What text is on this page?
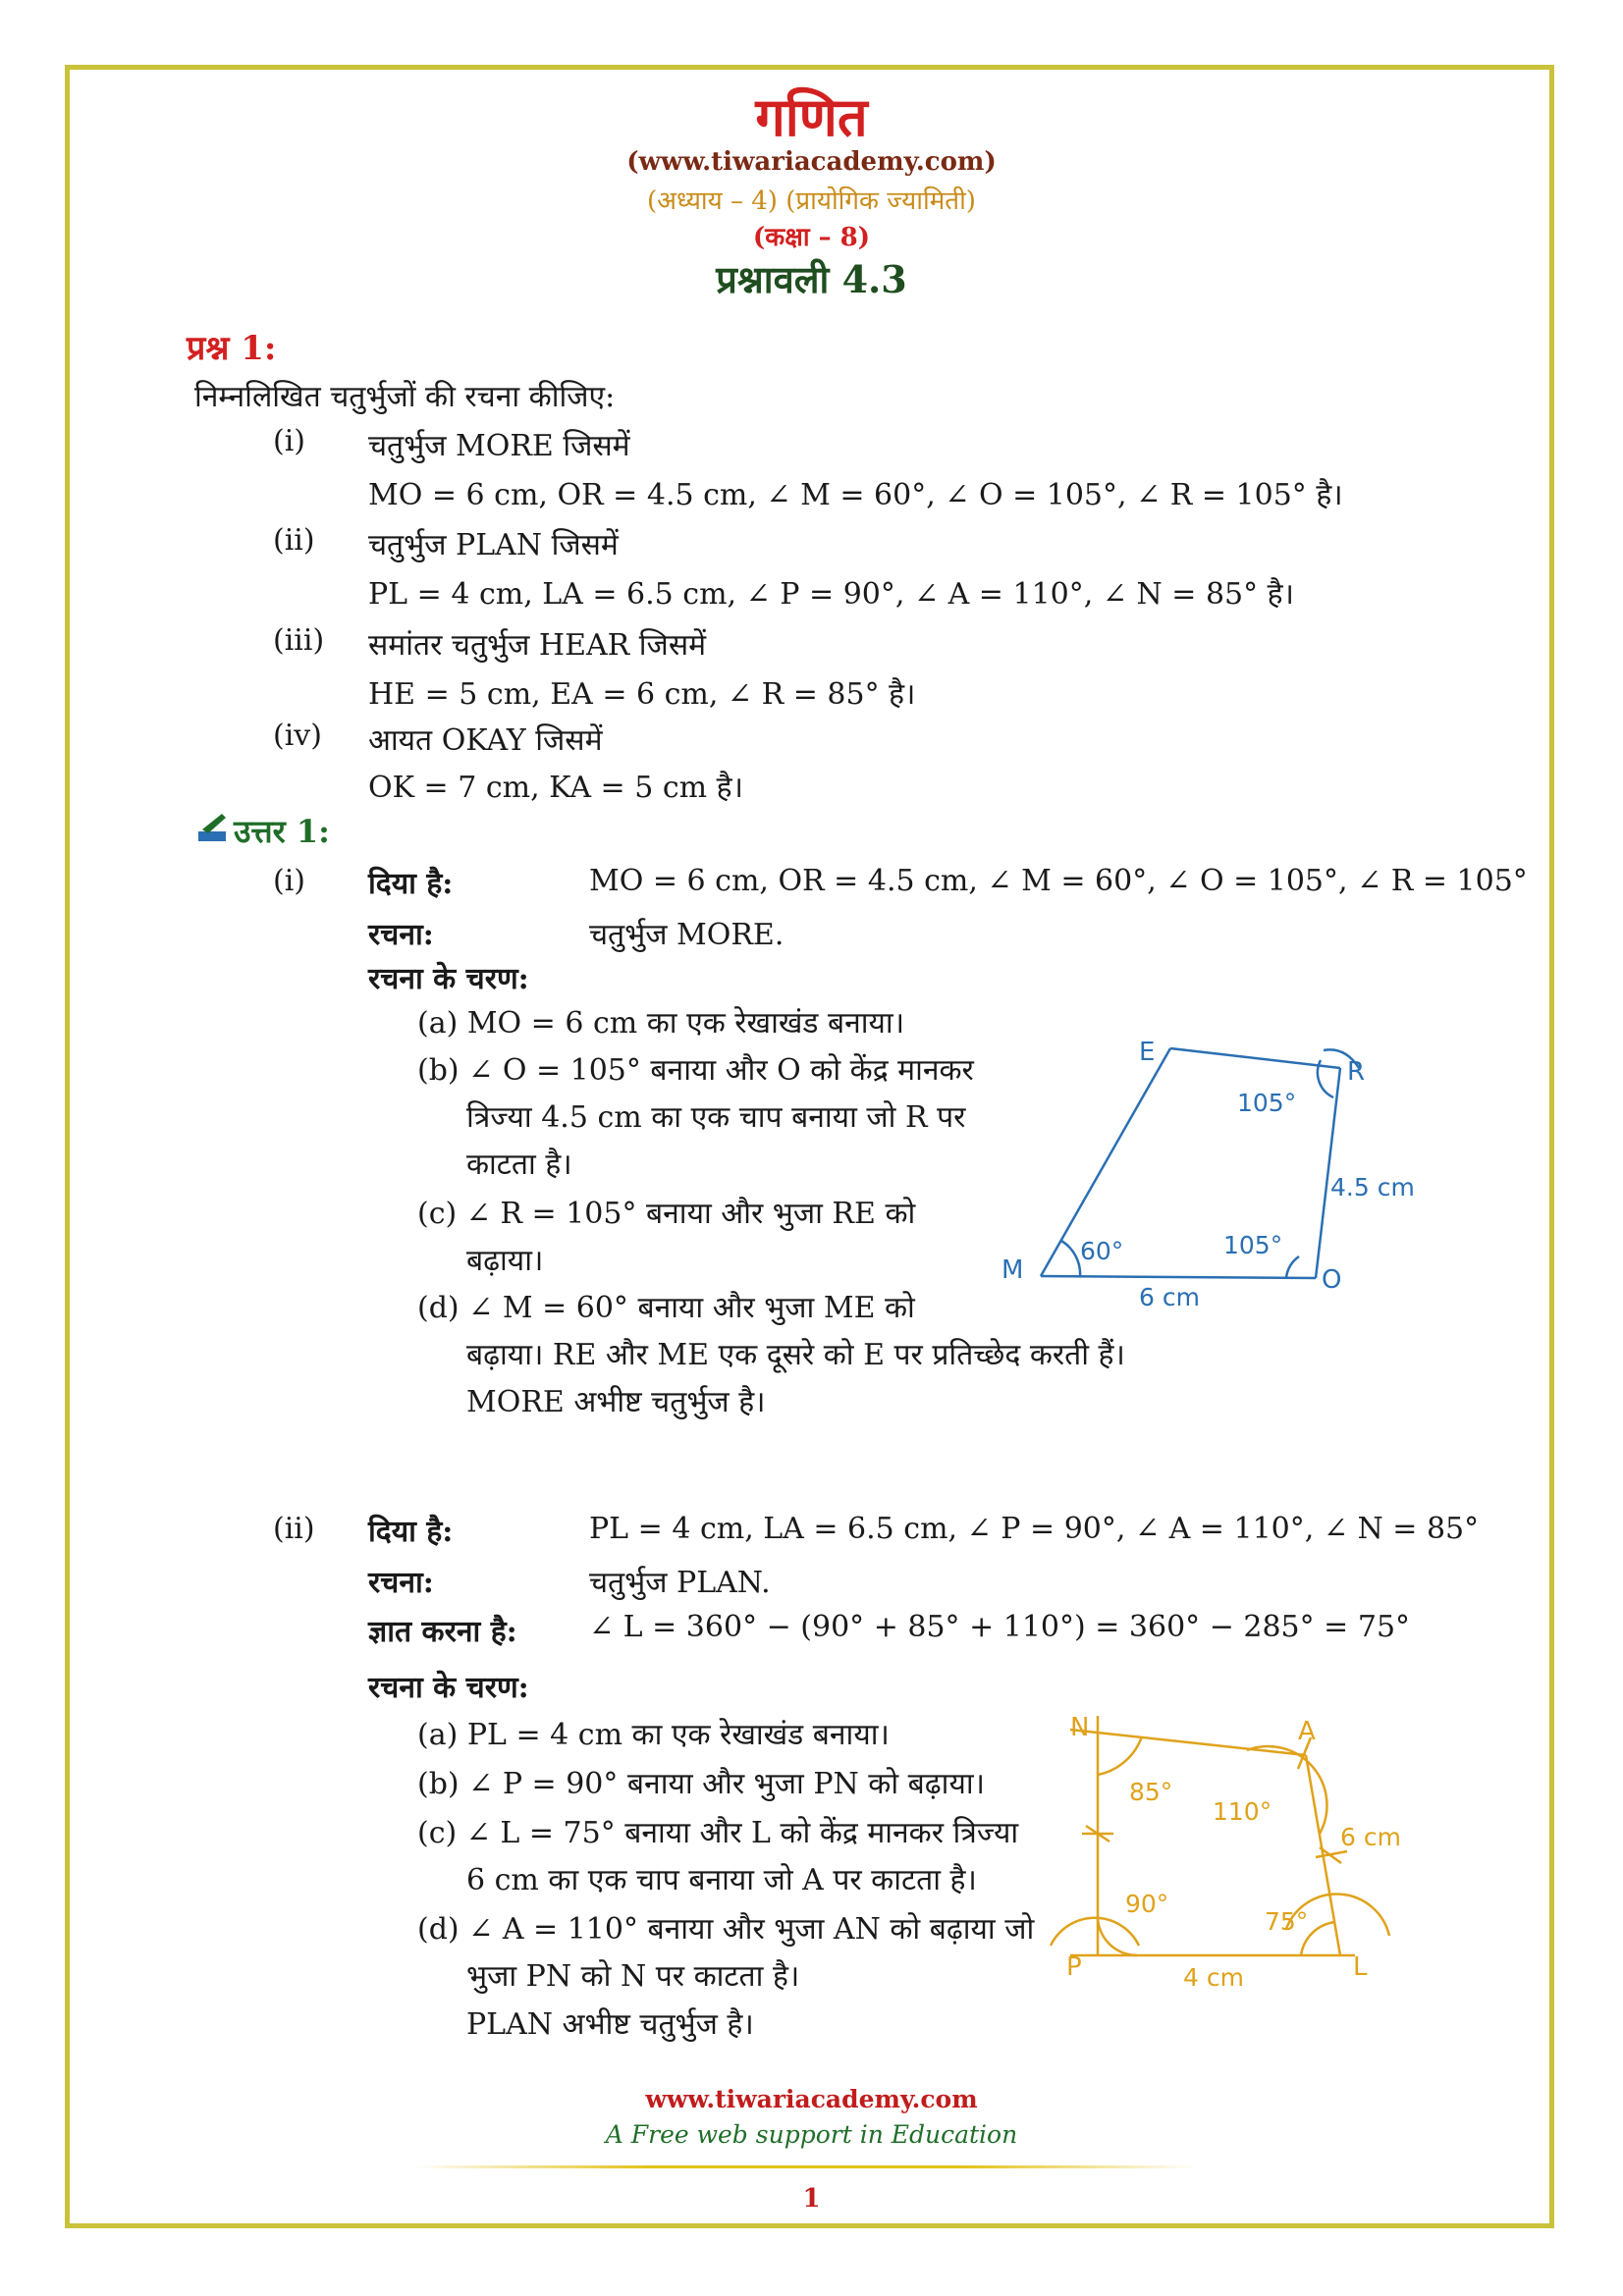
गणित
(www.tiwariacademy.com)
(अध्याय – 4) (प्रायोगिक ज्यामिती)
(कक्षा – 8)
प्रश्नावली 4.3
प्रश्न 1:
निम्नलिखित चतुर्भुजों की रचना कीजिए:
(i) चतुर्भुज MORE जिसमें
MO = 6 cm, OR = 4.5 cm, ∠ M = 60°, ∠ O = 105°, ∠ R = 105° है।
(ii) चतुर्भुज PLAN जिसमें
PL = 4 cm, LA = 6.5 cm, ∠ P = 90°, ∠ A = 110°, ∠ N = 85° है।
(iii) समांतर चतुर्भुज HEAR जिसमें
HE = 5 cm, EA = 6 cm, ∠ R = 85° है।
(iv) आयत OKAY जिसमें
OK = 7 cm, KA = 5 cm है।
उत्तर 1:
(i) दिया है:	MO = 6 cm, OR = 4.5 cm, ∠ M = 60°, ∠ O = 105°, ∠ R = 105°
रचना:	चतुर्भुज MORE.
रचना के चरण:
(a) MO = 6 cm का एक रेखाखंड बनाया।
(b) ∠ O = 105° बनाया और O को केंद्र मानकर
त्रिज्या 4.5 cm का एक चाप बनाया जो R पर
काटता है।
(c) ∠ R = 105° बनाया और भुजा RE को
बढ़ाया।
(d) ∠ M = 60° बनाया और भुजा ME को
बढ़ाया। RE और ME एक दूसरे को E पर प्रतिच्छेद करती हैं।
MORE अभीष्ट चतुर्भुज है।
E
R
M	O
105°
60°	105°
4.5 cm
6 cm
(ii) दिया है:	PL = 4 cm, LA = 6.5 cm, ∠ P = 90°, ∠ A = 110°, ∠ N = 85°
रचना:	चतुर्भुज PLAN.
ज्ञात करना है: ∠ L = 360° − (90° + 85° + 110°) = 360° − 285° = 75°
रचना के चरण:
(a) PL = 4 cm का एक रेखाखंड बनाया।
(b) ∠ P = 90° बनाया और भुजा PN को बढ़ाया।
(c) ∠ L = 75° बनाया और L को केंद्र मानकर त्रिज्या
6 cm का एक चाप बनाया जो A पर काटता है।
(d) ∠ A = 110° बनाया और भुजा AN को बढ़ाया जो
भुजा PN को N पर काटता है।
PLAN अभीष्ट चतुर्भुज है।
N	A
P	L
85°
110°
90°
75°
6 cm
4 cm
www.tiwariacademy.com
A Free web support in Education
1
